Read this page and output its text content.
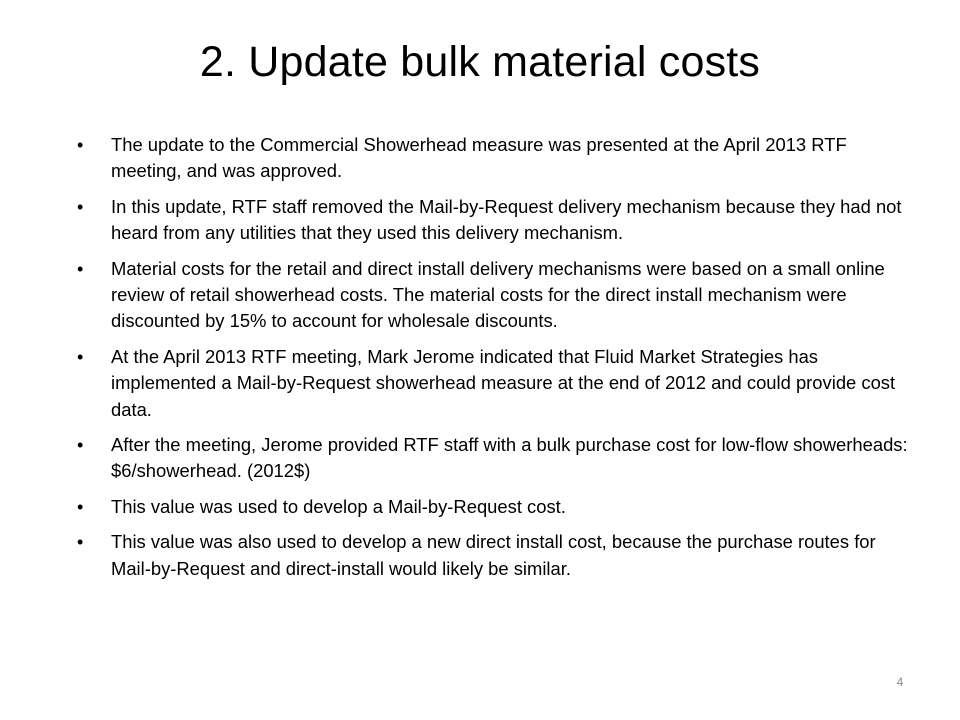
2. Update bulk material costs
• The update to the Commercial Showerhead measure was presented at the April 2013 RTF meeting, and was approved.
• In this update, RTF staff removed the Mail-by-Request delivery mechanism because they had not heard from any utilities that they used this delivery mechanism.
• Material costs for the retail and direct install delivery mechanisms were based on a small online review of retail showerhead costs. The material costs for the direct install mechanism were discounted by 15% to account for wholesale discounts.
• At the April 2013 RTF meeting, Mark Jerome indicated that Fluid Market Strategies has implemented a Mail-by-Request showerhead measure at the end of 2012 and could provide cost data.
• After the meeting, Jerome provided RTF staff with a bulk purchase cost for low-flow showerheads: $6/showerhead. (2012$)
• This value was used to develop a Mail-by-Request cost.
• This value was also used to develop a new direct install cost, because the purchase routes for Mail-by-Request and direct-install would likely be similar.
4
